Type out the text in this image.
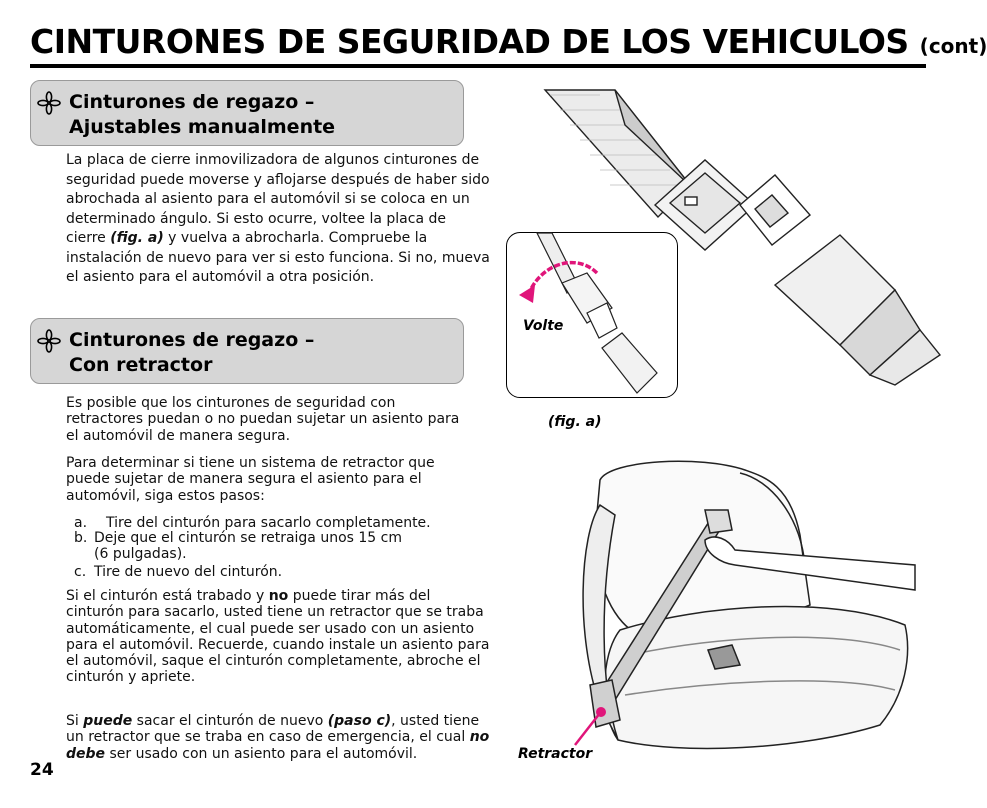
CINTURONES DE SEGURIDAD DE LOS VEHICULOS (cont)
Cinturones de regazo –
Ajustables manualmente
La placa de cierre inmovilizadora de algunos cinturones de seguridad puede moverse y aflojarse después de haber sido abrochada al asiento para el automóvil si se coloca en un determinado ángulo. Si esto ocurre, voltee la placa de cierre (fig. a) y vuelva a abrocharla. Compruebe la instalación de nuevo para ver si esto funciona. Si no, mueva el asiento para el automóvil a otra posición.
Cinturones de regazo –
Con retractor
Es posible que los cinturones de seguridad con retractores puedan o no puedan sujetar un asiento para el automóvil de manera segura.
Para determinar si tiene un sistema de retractor que puede sujetar de manera segura el asiento para el automóvil, siga estos pasos:
a. Tire del cinturón para sacarlo completamente.
b. Deje que el cinturón se retraiga unos 15 cm
(6 pulgadas).
c. Tire de nuevo del cinturón.
Si el cinturón está trabado y no puede tirar más del cinturón para sacarlo, usted tiene un retractor que se traba automáticamente, el cual puede ser usado con un asiento para el automóvil. Recuerde, cuando instale un asiento para el automóvil, saque el cinturón completamente, abroche el cinturón y apriete.
Si puede sacar el cinturón de nuevo (paso c), usted tiene un retractor que se traba en caso de emergencia, el cual no debe ser usado con un asiento para el automóvil.
24
Volte
(fig. a)
Retractor
